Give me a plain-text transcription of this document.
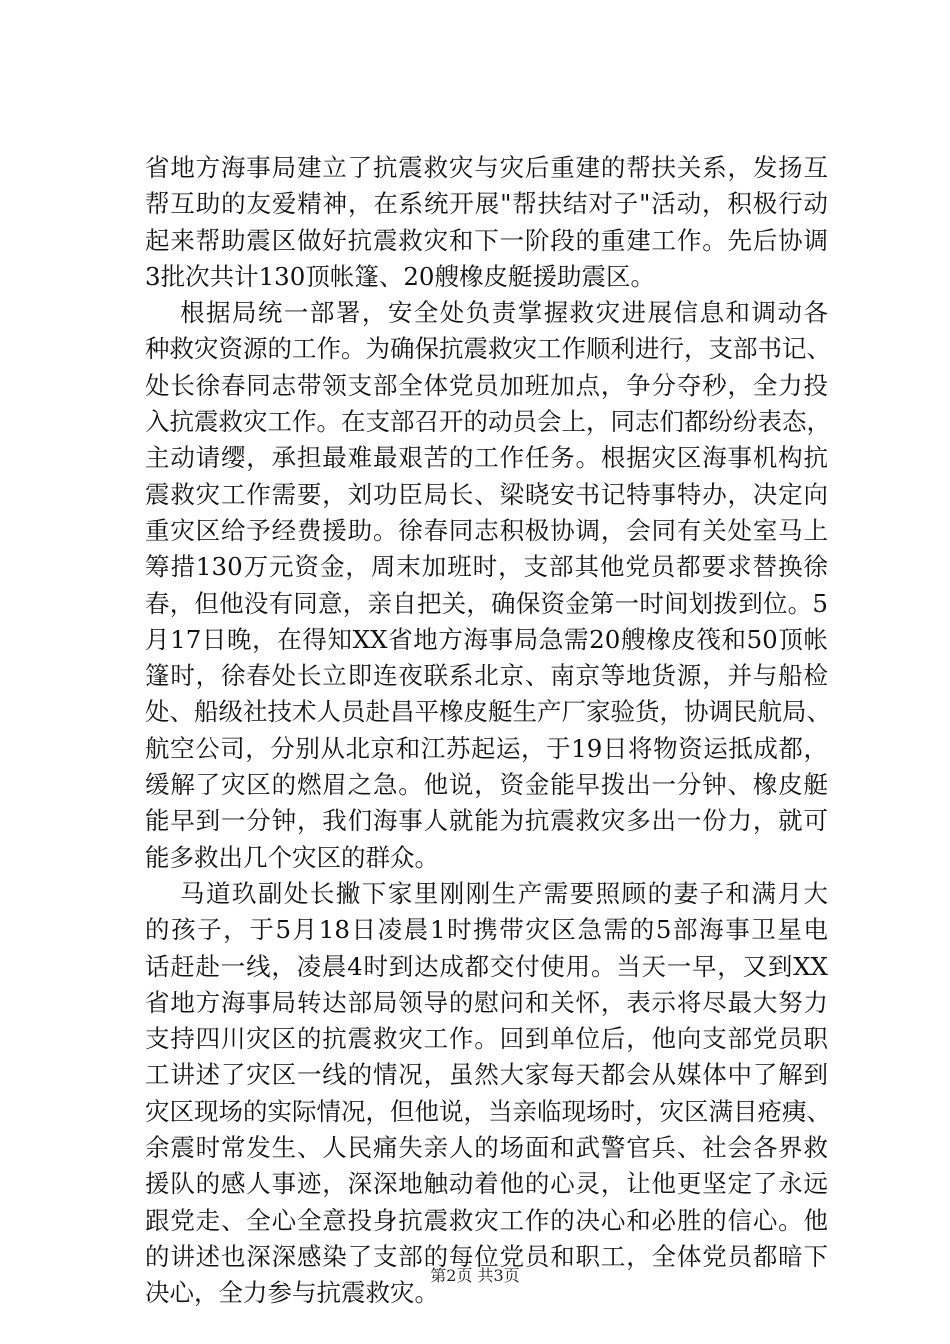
省地方海事局建立了抗震救灾与灾后重建的帮扶关系，发扬互
帮互助的友爱精神，在系统开展"帮扶结对子"活动，积极行动
起来帮助震区做好抗震救灾和下一阶段的重建工作。先后协调
3批次共计130顶帐篷、20艘橡皮艇援助震区。
根据局统一部署，安全处负责掌握救灾进展信息和调动各
种救灾资源的工作。为确保抗震救灾工作顺利进行，支部书记、
处长徐春同志带领支部全体党员加班加点，争分夺秒，全力投
入抗震救灾工作。在支部召开的动员会上，同志们都纷纷表态，
主动请缨，承担最难最艰苦的工作任务。根据灾区海事机构抗
震救灾工作需要，刘功臣局长、梁晓安书记特事特办，决定向
重灾区给予经费援助。徐春同志积极协调，会同有关处室马上
筹措130万元资金，周末加班时，支部其他党员都要求替换徐
春，但他没有同意，亲自把关，确保资金第一时间划拨到位。5
月17日晚，在得知XX省地方海事局急需20艘橡皮筏和50顶帐
篷时，徐春处长立即连夜联系北京、南京等地货源，并与船检
处、船级社技术人员赴昌平橡皮艇生产厂家验货，协调民航局、
航空公司，分别从北京和江苏起运，于19日将物资运抵成都，
缓解了灾区的燃眉之急。他说，资金能早拨出一分钟、橡皮艇
能早到一分钟，我们海事人就能为抗震救灾多出一份力，就可
能多救出几个灾区的群众。
马道玖副处长撇下家里刚刚生产需要照顾的妻子和满月大
的孩子，于5月18日凌晨1时携带灾区急需的5部海事卫星电
话赶赴一线，凌晨4时到达成都交付使用。当天一早，又到XX
省地方海事局转达部局领导的慰问和关怀，表示将尽最大努力
支持四川灾区的抗震救灾工作。回到单位后，他向支部党员职
工讲述了灾区一线的情况，虽然大家每天都会从媒体中了解到
灾区现场的实际情况，但他说，当亲临现场时，灾区满目疮痍、
余震时常发生、人民痛失亲人的场面和武警官兵、社会各界救
援队的感人事迹，深深地触动着他的心灵，让他更坚定了永远
跟党走、全心全意投身抗震救灾工作的决心和必胜的信心。他
的讲述也深深感染了支部的每位党员和职工，全体党员都暗下
决心，全力参与抗震救灾。
第2页 共3页
